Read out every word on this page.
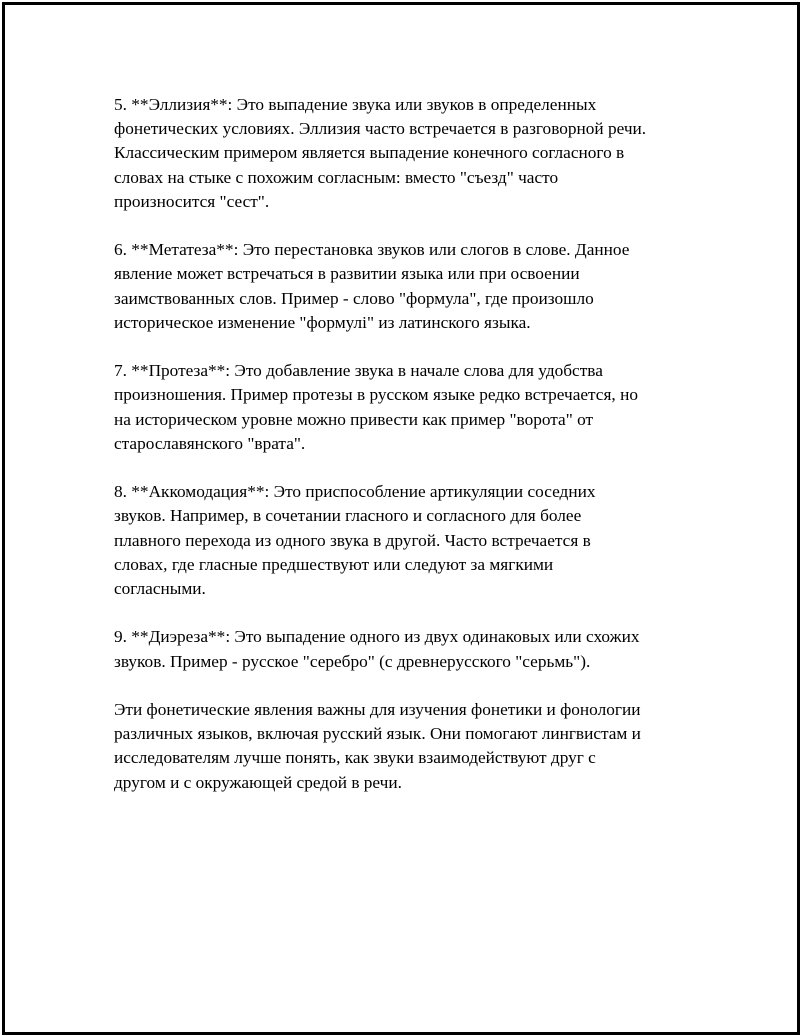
5. **Эллизия**: Это выпадение звука или звуков в определенных
фонетических условиях. Эллизия часто встречается в разговорной речи.
Классическим примером является выпадение конечного согласного в
словах на стыке с похожим согласным: вместо "съезд" часто
произносится "сест".

6. **Метатеза**: Это перестановка звуков или слогов в слове. Данное
явление может встречаться в развитии языка или при освоении
заимствованных слов. Пример - слово "формула", где произошло
историческое изменение "формулі" из латинского языка.

7. **Протеза**: Это добавление звука в начале слова для удобства
произношения. Пример протезы в русском языке редко встречается, но
на историческом уровне можно привести как пример "ворота" от
старославянского "врата".

8. **Аккомодация**: Это приспособление артикуляции соседних
звуков. Например, в сочетании гласного и согласного для более
плавного перехода из одного звука в другой. Часто встречается в
словах, где гласные предшествуют или следуют за мягкими
согласными.

9. **Диэреза**: Это выпадение одного из двух одинаковых или схожих
звуков. Пример - русское "серебро" (с древнерусского "серьмь").

Эти фонетические явления важны для изучения фонетики и фонологии
различных языков, включая русский язык. Они помогают лингвистам и
исследователям лучше понять, как звуки взаимодействуют друг с
другом и с окружающей средой в речи.
